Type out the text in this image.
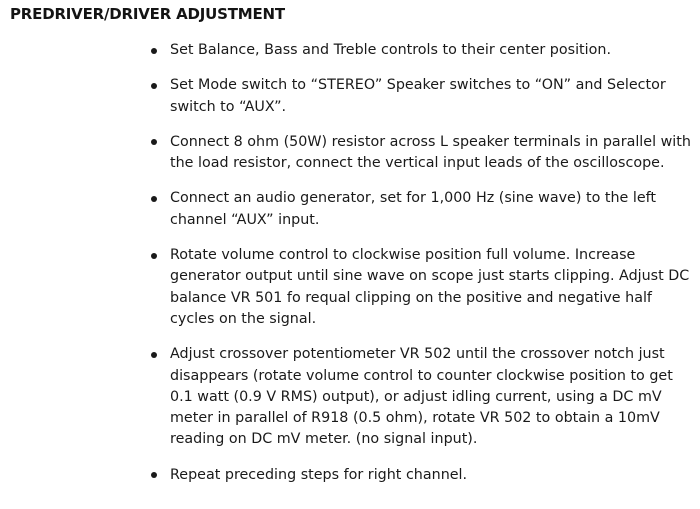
PREDRIVER/DRIVER ADJUSTMENT
Set Balance, Bass and Treble controls to their center position.
Set Mode switch to “STEREO” Speaker switches to “ON” and Selector switch to “AUX”.
Connect 8 ohm (50W) resistor across L speaker terminals in parallel with the load resistor, connect the vertical input leads of the oscilloscope.
Connect an audio generator, set for 1,000 Hz (sine wave) to the left channel “AUX” input.
Rotate volume control to clockwise position full volume. Increase generator output until sine wave on scope just starts clipping. Adjust DC balance VR 501 fo requal clipping on the positive and negative half cycles on the signal.
Adjust crossover potentiometer VR 502 until the crossover notch just disappears (rotate volume control to counter clockwise position to get 0.1 watt (0.9 V RMS) output), or adjust idling current, using a DC mV meter in parallel of R918 (0.5 ohm), rotate VR 502 to obtain a 10mV reading on DC mV meter. (no signal input).
Repeat preceding steps for right channel.
